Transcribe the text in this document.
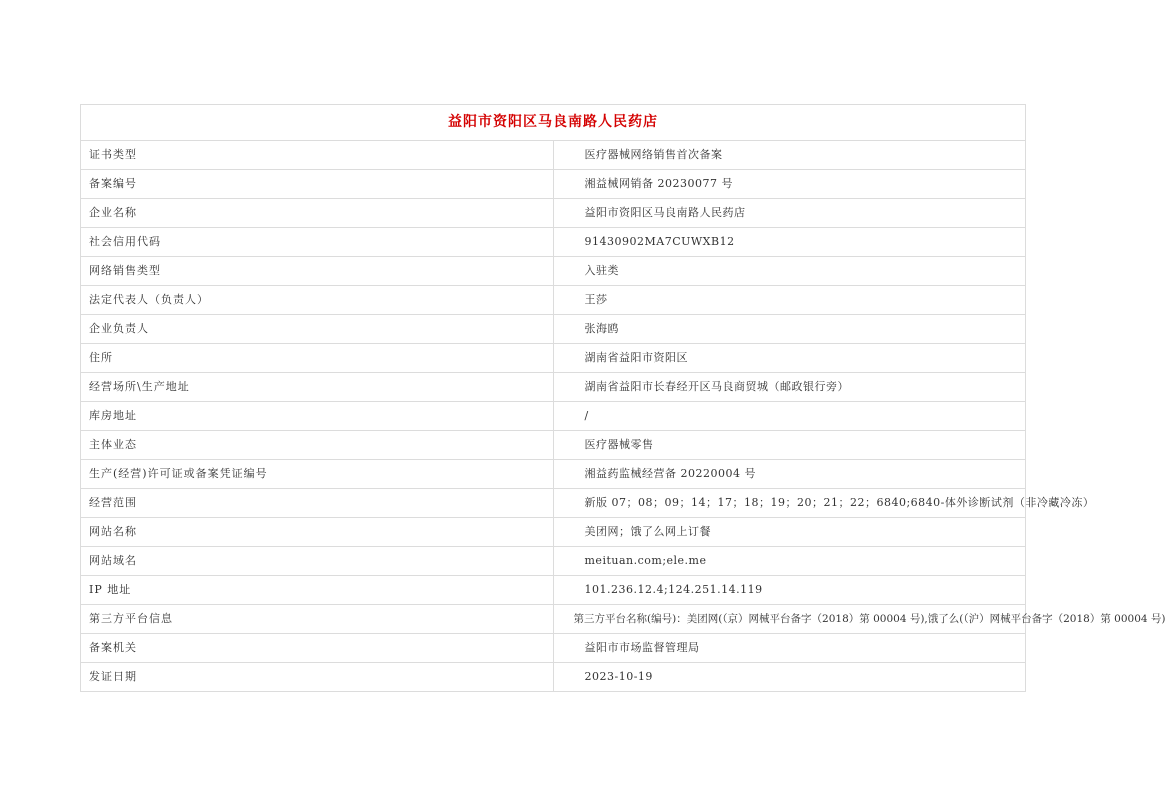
益阳市资阳区马良南路人民药店	
证书类型	医疗器械网络销售首次备案
备案编号	湘益械网销备 20230077 号
企业名称	益阳市资阳区马良南路人民药店
社会信用代码	91430902MA7CUWXB12
网络销售类型	入驻类
法定代表人（负责人）	王莎
企业负责人	张海鸥
住所	湖南省益阳市资阳区
经营场所\生产地址	湖南省益阳市长春经开区马良商贸城（邮政银行旁）
库房地址	/
主体业态	医疗器械零售
生产(经营)许可证或备案凭证编号	湘益药监械经营备 20220004 号
经营范围	新版 07；08；09；14；17；18；19；20；21；22；6840;6840-体外诊断试剂（非冷藏冷冻）
网站名称	美团网；饿了么网上订餐
网站域名	meituan.com;ele.me
IP 地址	101.236.12.4;124.251.14.119
第三方平台信息	第三方平台名称(编号)：美团网(（京）网械平台备字（2018）第 00004 号),饿了么(（沪）网械平台备字（2018）第 00004 号)
备案机关	益阳市市场监督管理局
发证日期	2023-10-19
